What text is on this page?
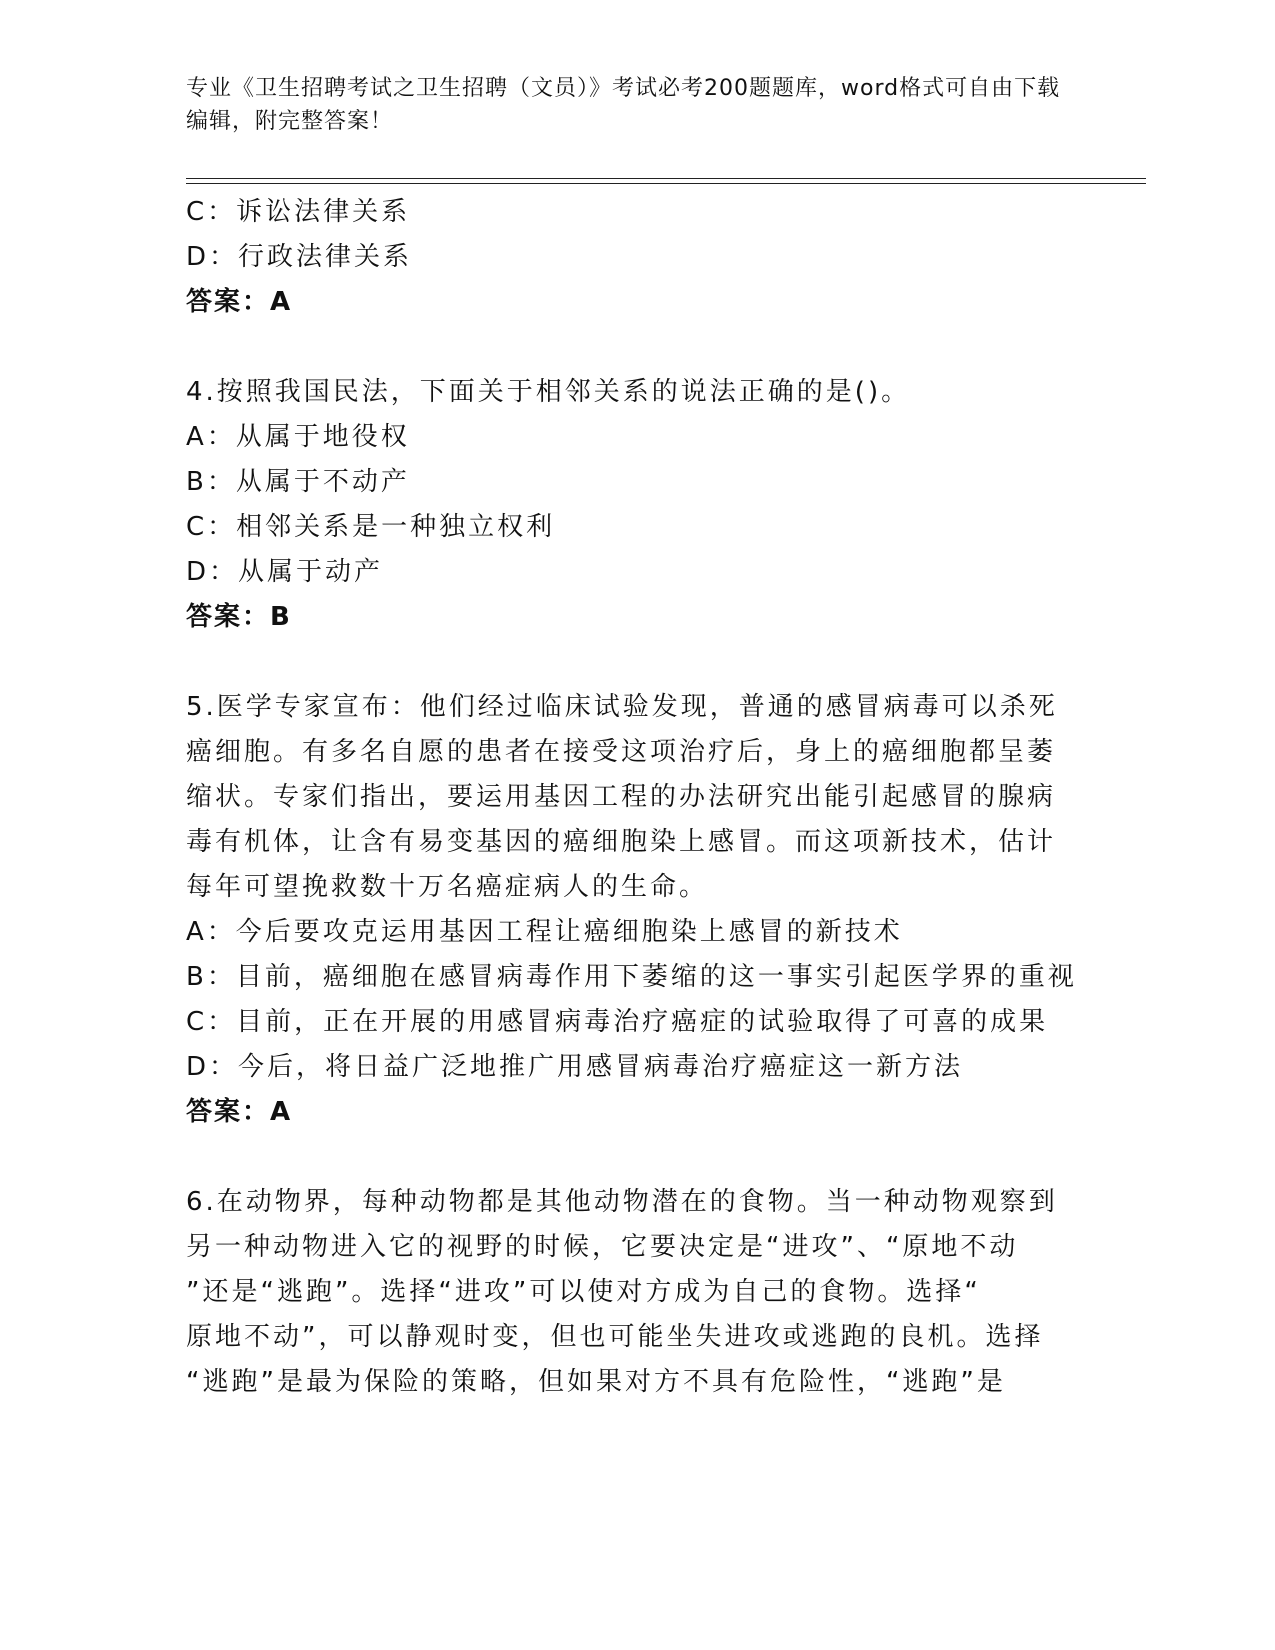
专业《卫生招聘考试之卫生招聘（文员）》考试必考200题题库，word格式可自由下载编辑，附完整答案！
C：诉讼法律关系
D：行政法律关系
答案：A
4.按照我国民法，下面关于相邻关系的说法正确的是()。
A：从属于地役权
B：从属于不动产
C：相邻关系是一种独立权利
D：从属于动产
答案：B
5.医学专家宣布：他们经过临床试验发现，普通的感冒病毒可以杀死
癌细胞。有多名自愿的患者在接受这项治疗后，身上的癌细胞都呈萎
缩状。专家们指出，要运用基因工程的办法研究出能引起感冒的腺病
毒有机体，让含有易变基因的癌细胞染上感冒。而这项新技术，估计
每年可望挽救数十万名癌症病人的生命。
A：今后要攻克运用基因工程让癌细胞染上感冒的新技术
B：目前，癌细胞在感冒病毒作用下萎缩的这一事实引起医学界的重视
C：目前，正在开展的用感冒病毒治疗癌症的试验取得了可喜的成果
D：今后，将日益广泛地推广用感冒病毒治疗癌症这一新方法
答案：A
6.在动物界，每种动物都是其他动物潜在的食物。当一种动物观察到
另一种动物进入它的视野的时候，它要决定是“进攻”、“原地不动
”还是“逃跑”。选择“进攻”可以使对方成为自己的食物。选择“
原地不动”，可以静观时变，但也可能坐失进攻或逃跑的良机。选择
“逃跑”是最为保险的策略，但如果对方不具有危险性，“逃跑”是
